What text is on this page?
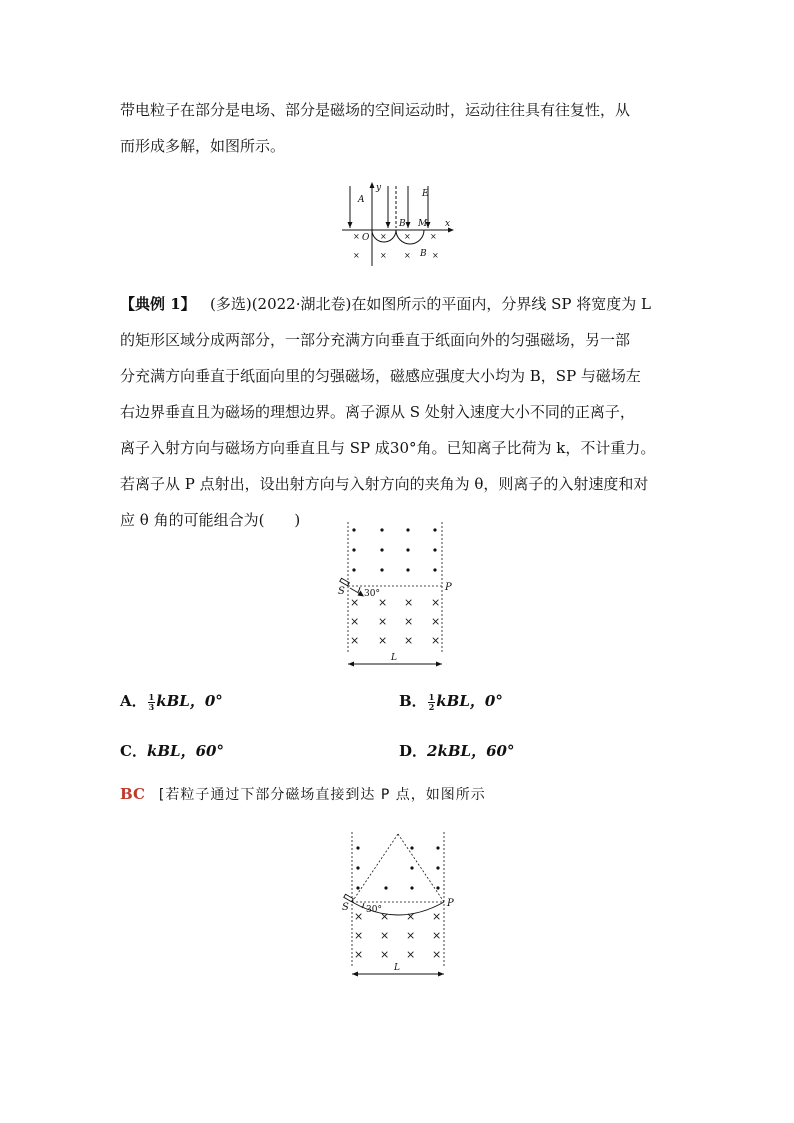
带电粒子在部分是电场、部分是磁场的空间运动时，运动往往具有往复性，从
而形成多解，如图所示。
A
y
E
B M x
O
B
×	× × ×
×	× ×	×
【典例 1】 (多选)(2022·湖北卷)在如图所示的平面内，分界线 SP 将宽度为 L
的矩形区域分成两部分，一部分充满方向垂直于纸面向外的匀强磁场，另一部
分充满方向垂直于纸面向里的匀强磁场，磁感应强度大小均为 B，SP 与磁场左
右边界垂直且为磁场的理想边界。离子源从 S 处射入速度大小不同的正离子，
离子入射方向与磁场方向垂直且与 SP 成30°角。已知离子比荷为 k，不计重力。
若离子从 P 点射出，设出射方向与入射方向的夹角为 θ，则离子的入射速度和对
应 θ 角的可能组合为(　　)
× × × ×
× × × ×
× × × ×
S	P
30°
L
A． $\frac{1}{3}$ kBL，0°	B． $\frac{1}{2}$ kBL，0°
C．kBL，60°	D．2kBL，60°
BC [若粒子通过下部分磁场直接到达 P 点，如图所示
× × × ×
× × × ×
× × × ×
S	P
30°
L
